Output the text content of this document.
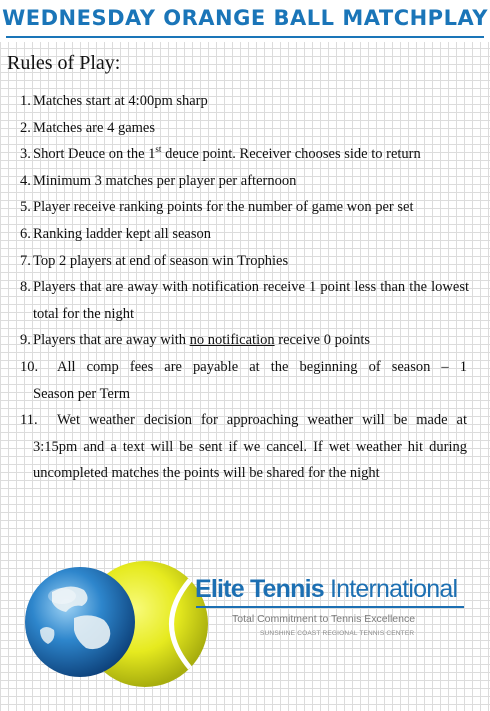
WEDNESDAY ORANGE BALL MATCHPLAY
Rules of Play:
1. Matches start at 4:00pm sharp
2. Matches are 4 games
3. Short Deuce on the 1st deuce point. Receiver chooses side to return
4. Minimum 3 matches per player per afternoon
5. Player receive ranking points for the number of game won per set
6. Ranking ladder kept all season
7. Top 2 players at end of season win Trophies
8. Players that are away with notification receive 1 point less than the lowest total for the night
9. Players that are away with no notification receive 0 points
10. All comp fees are payable at the beginning of season – 1
Season per Term
11. Wet weather decision for approaching weather will be made at
3:15pm and a text will be sent if we cancel. If wet weather hit during uncompleted matches the points will be shared for the night
Elite Tennis International
Total Commitment to Tennis Excellence
SUNSHINE COAST REGIONAL TENNIS CENTER
